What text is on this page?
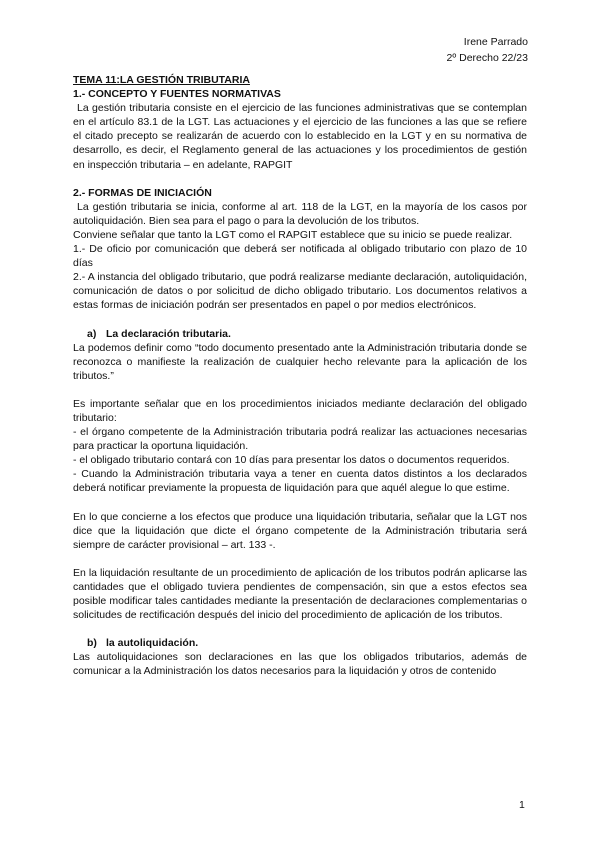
Irene Parrado
2º Derecho 22/23

TEMA 11:LA GESTIÓN TRIBUTARIA

1.- CONCEPTO Y FUENTES NORMATIVAS

La gestión tributaria consiste en el ejercicio de las funciones administrativas que se contemplan en el artículo 83.1 de la LGT. Las actuaciones y el ejercicio de las funciones a las que se refiere el citado precepto se realizarán de acuerdo con lo establecido en la LGT y en su normativa de desarrollo, es decir, el Reglamento general de las actuaciones y los procedimientos de gestión en inspección tributaria – en adelante, RAPGIT

2.- FORMAS DE INICIACIÓN

La gestión tributaria se inicia, conforme al art. 118 de la LGT, en la mayoría de los casos por autoliquidación. Bien sea para el pago o para la devolución de los tributos.

Conviene señalar que tanto la LGT como el RAPGIT establece que su inicio se puede realizar.

1.- De oficio por comunicación que deberá ser notificada al obligado tributario con plazo de 10 días

2.- A instancia del obligado tributario, que podrá realizarse mediante declaración, autoliquidación, comunicación de datos o por solicitud de dicho obligado tributario. Los documentos relativos a estas formas de iniciación podrán ser presentados en papel o por medios electrónicos.

a) La declaración tributaria.

La podemos definir como “todo documento presentado ante la Administración tributaria donde se reconozca o manifieste la realización de cualquier hecho relevante para la aplicación de los tributos.”

Es importante señalar que en los procedimientos iniciados mediante declaración del obligado tributario:

- el órgano competente de la Administración tributaria podrá realizar las actuaciones necesarias para practicar la oportuna liquidación.

- el obligado tributario contará con 10 días para presentar los datos o documentos requeridos.

- Cuando la Administración tributaria vaya a tener en cuenta datos distintos a los declarados deberá notificar previamente la propuesta de liquidación para que aquél alegue lo que estime.

En lo que concierne a los efectos que produce una liquidación tributaria, señalar que la LGT nos dice que la liquidación que dicte el órgano competente de la Administración tributaria será siempre de carácter provisional – art. 133 -.

En la liquidación resultante de un procedimiento de aplicación de los tributos podrán aplicarse las cantidades que el obligado tuviera pendientes de compensación, sin que a estos efectos sea posible modificar tales cantidades mediante la presentación de declaraciones complementarias o solicitudes de rectificación después del inicio del procedimiento de aplicación de los tributos.

b) la autoliquidación.

Las autoliquidaciones son declaraciones en las que los obligados tributarios, además de comunicar a la Administración los datos necesarios para la liquidación y otros de contenido

1
